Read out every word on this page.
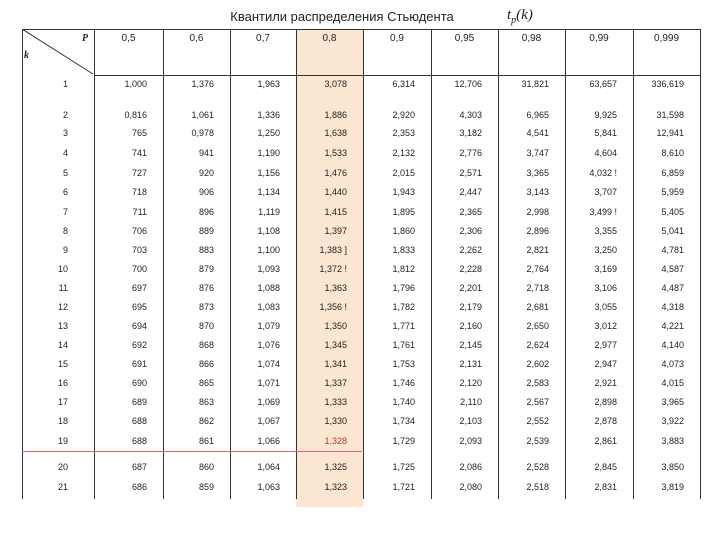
Квантили распределения Стьюдента	$t_p(k)$
0,5	0,6	0,7	0,8	0,9	0,95	0,98	0,99	0,999
1	1,000	1,376	1,963	3,078	6,314	12,706	31,821	63,657	336,619
2	0,816	1,061	1,336	1,886	2,920	4,303	6,965	9,925	31,598
3	765	0,978	1,250	1,638	2,353	3,182	4,541	5,841	12,941
4	741	941	1,190	1,533	2,132	2,776	3,747	4,604	8,610
5	727	920	1,156	1,476	2,015	2,571	3,365	4,032 !	6,859
6	718	906	1,134	1,440	1,943	2,447	3,143	3,707	5,959
7	711	896	1,119	1,415	1,895	2,365	2,998	3,499 !	5,405
8	706	889	1,108	1,397	1,860	2,306	2,896	3,355	5,041
9	703	883	1,100	1,383 ]	1,833	2,262	2,821	3,250	4,781
10	700	879	1,093	1,372 !	1,812	2,228	2,764	3,169	4,587
11	697	876	1,088	1,363	1,796	2,201	2,718	3,106	4,487
12	695	873	1,083	1,356 !	1,782	2,179	2,681	3,055	4,318
13	694	870	1,079	1,350	1,771	2,160	2,650	3,012	4,221
14	692	868	1,076	1,345	1,761	2,145	2,624	2,977	4,140
15	691	866	1,074	1,341	1,753	2,131	2,602	2,947	4,073
16	690	865	1,071	1,337	1,746	2,120	2,583	2,921	4,015
17	689	863	1,069	1,333	1,740	2,110	2,567	2,898	3,965
18	688	862	1,067	1,330	1,734	2,103	2,552	2,878	3,922
19	688	861	1,066	1,328	1,729	2,093	2,539	2,861	3,883
20	687	860	1,064	1,325	1,725	2,086	2,528	2,845	3,850
21	686	859	1,063	1,323	1,721	2,080	2,518	2,831	3,819
P
k
